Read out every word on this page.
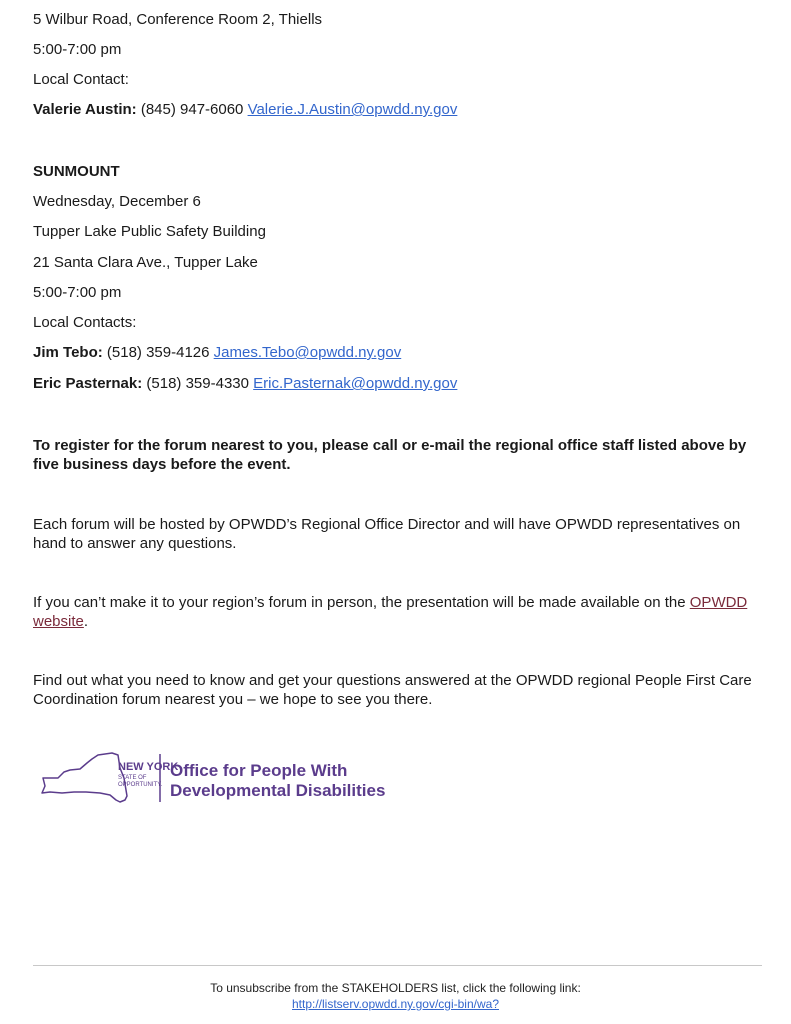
5 Wilbur Road, Conference Room 2, Thiells
5:00-7:00 pm
Local Contact:
Valerie Austin: (845) 947-6060 Valerie.J.Austin@opwdd.ny.gov
SUNMOUNT
Wednesday, December 6
Tupper Lake Public Safety Building
21 Santa Clara Ave., Tupper Lake
5:00-7:00 pm
Local Contacts:
Jim Tebo: (518) 359-4126 James.Tebo@opwdd.ny.gov
Eric Pasternak: (518) 359-4330 Eric.Pasternak@opwdd.ny.gov
To register for the forum nearest to you, please call or e-mail the regional office staff listed above by five business days before the event.
Each forum will be hosted by OPWDD’s Regional Office Director and will have OPWDD representatives on hand to answer any questions.
If you can’t make it to your region’s forum in person, the presentation will be made available on the OPWDD website.
Find out what you need to know and get your questions answered at the OPWDD regional People First Care Coordination forum nearest you – we hope to see you there.
NEW YORK
STATE OF
OPPORTUNITY.
Office for People With
Developmental Disabilities
To unsubscribe from the STAKEHOLDERS list, click the following link:
http://listserv.opwdd.ny.gov/cgi-bin/wa?
